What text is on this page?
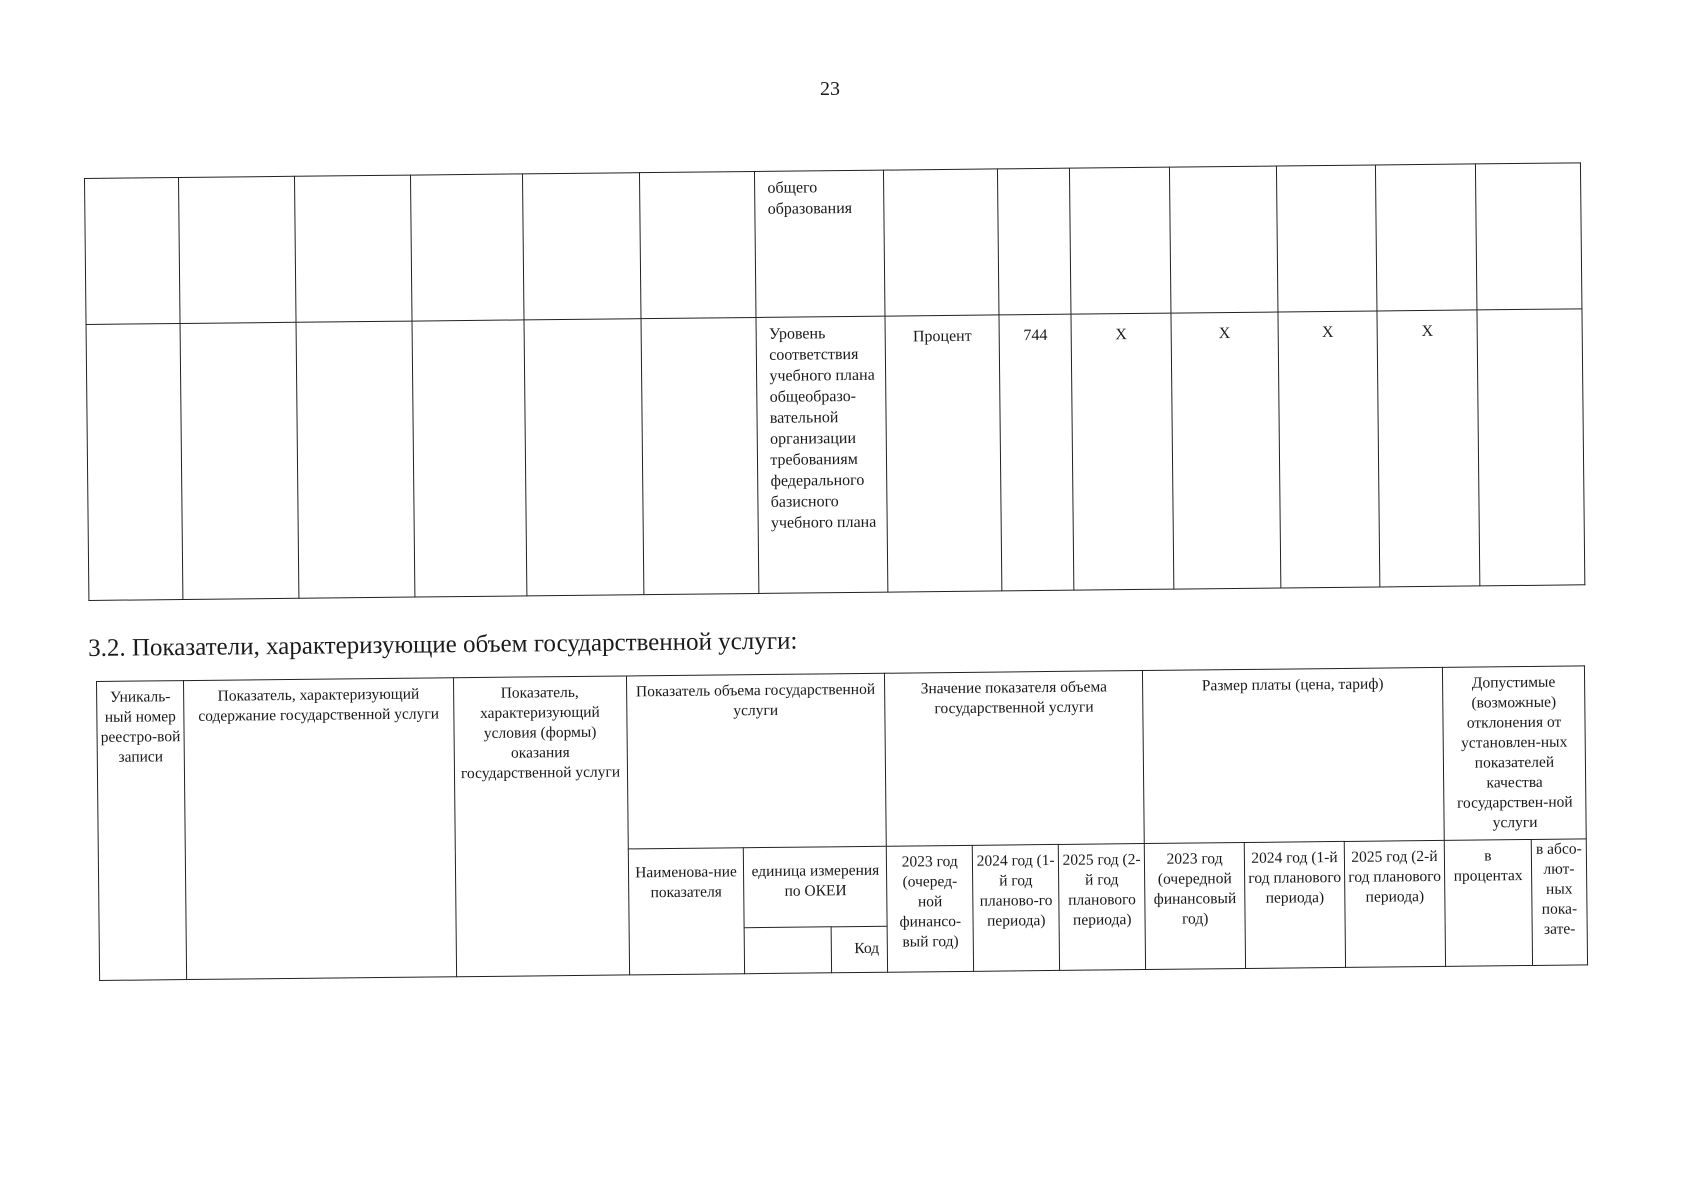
23
						общего образования							
						Уровень соответствия учебного плана общеобразо-вательной организации требованиям федерального базисного учебного плана	Процент	744	X	X	X	X	
3.2. Показатели, характеризующие объем государственной услуги:
Уникаль-ный номер реестро-вой записи	Показатель, характеризующий содержание государственной услуги	Показатель, характеризующий условия (формы) оказания государственной услуги	Показатель объема государственной услуги			Значение показателя объема государственной услуги			Размер платы (цена, тариф)			Допустимые (возможные) отклонения от установлен-ных показателей качества государствен-ной услуги	
			Наименова-ние показателя	единица измерения по ОКЕИ		2023 год (очеред-ной финансо-вый год)	2024 год (1-й год планово-го периода)	2025 год (2-й год планового периода)	2023 год (очередной финансовый год)	2024 год (1-й год планового периода)	2025 год (2-й год планового периода)	в процентах	в абсо-лют-ных пока-зате-
					Код								
